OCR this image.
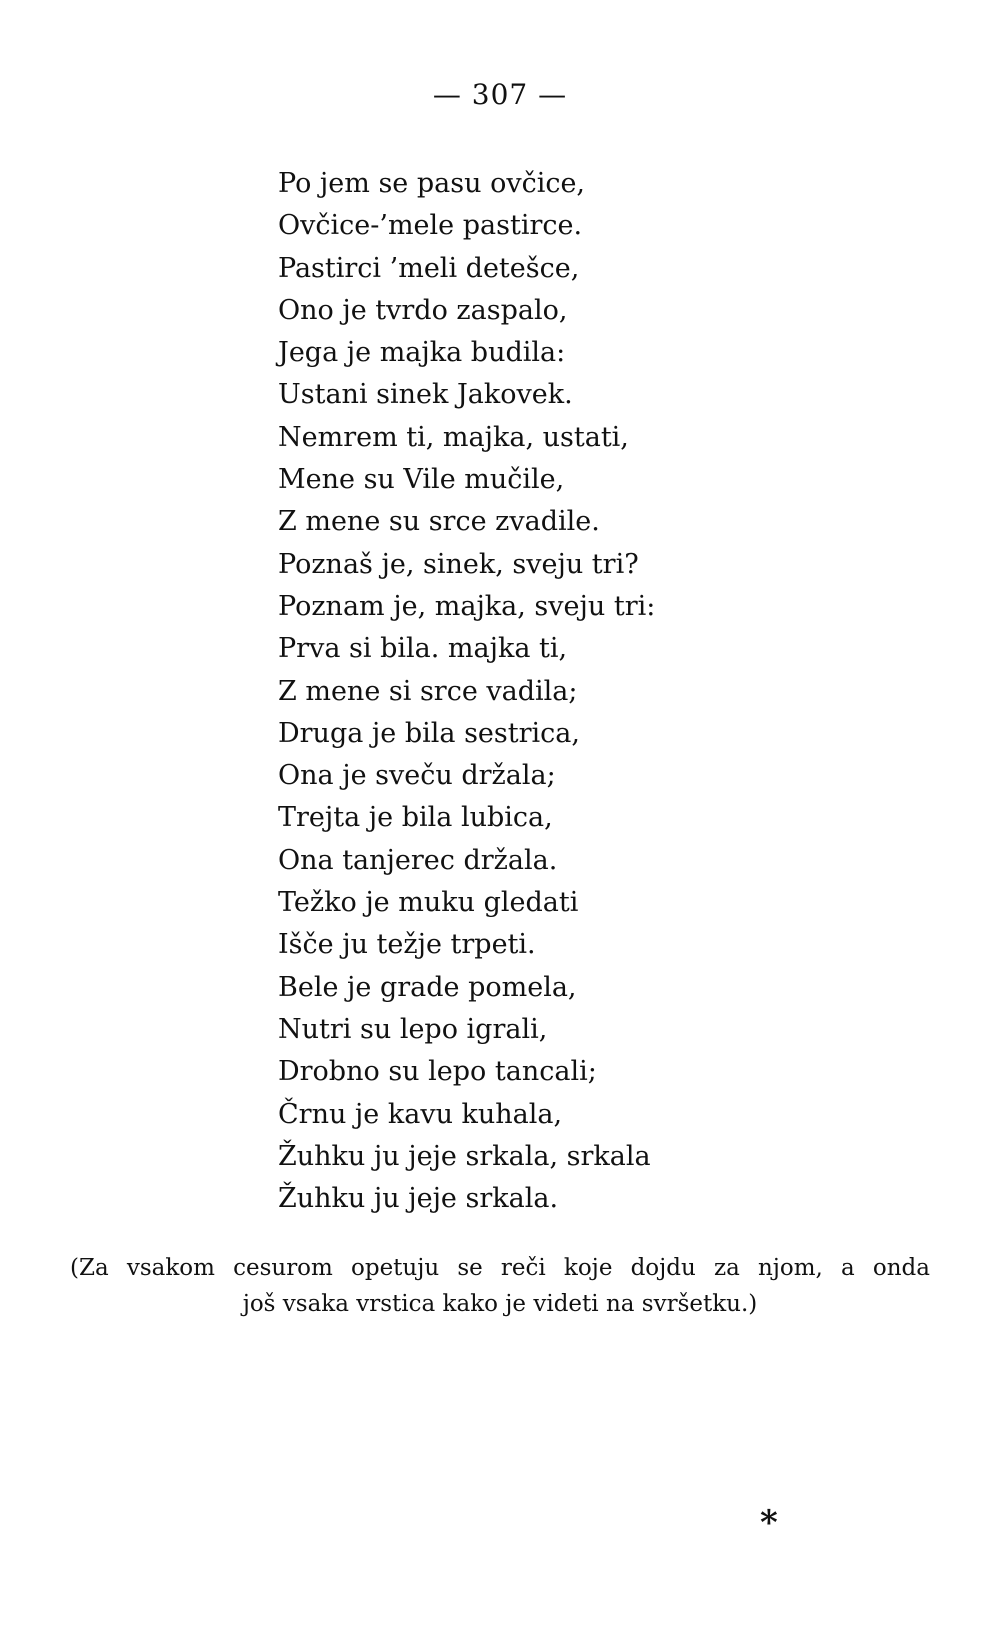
— 307 —
Po jem se pasu ovčice,
Ovčice-’mele pastirce.
Pastirci ’meli detešce,
Ono je tvrdo zaspalo,
Jega je majka budila:
Ustani sinek Jakovek.
Nemrem ti, majka, ustati,
Mene su Vile mučile,
Z mene su srce zvadile.
Poznaš je, sinek, sveju tri?
Poznam je, majka, sveju tri:
Prva si bila. majka ti,
Z mene si srce vadila;
Druga je bila sestrica,
Ona je sveču držala;
Trejta je bila lubica,
Ona tanjerec držala.
Težko je muku gledati
Išče ju težje trpeti.
Bele je grade pomela,
Nutri su lepo igrali,
Drobno su lepo tancali;
Črnu je kavu kuhala,
Žuhku ju jeje srkala, srkala
Žuhku ju jeje srkala.
(Za vsakom cesurom opetuju se reči koje dojdu za njom, a onda
još vsaka vrstica kako je videti na svršetku.)
*
